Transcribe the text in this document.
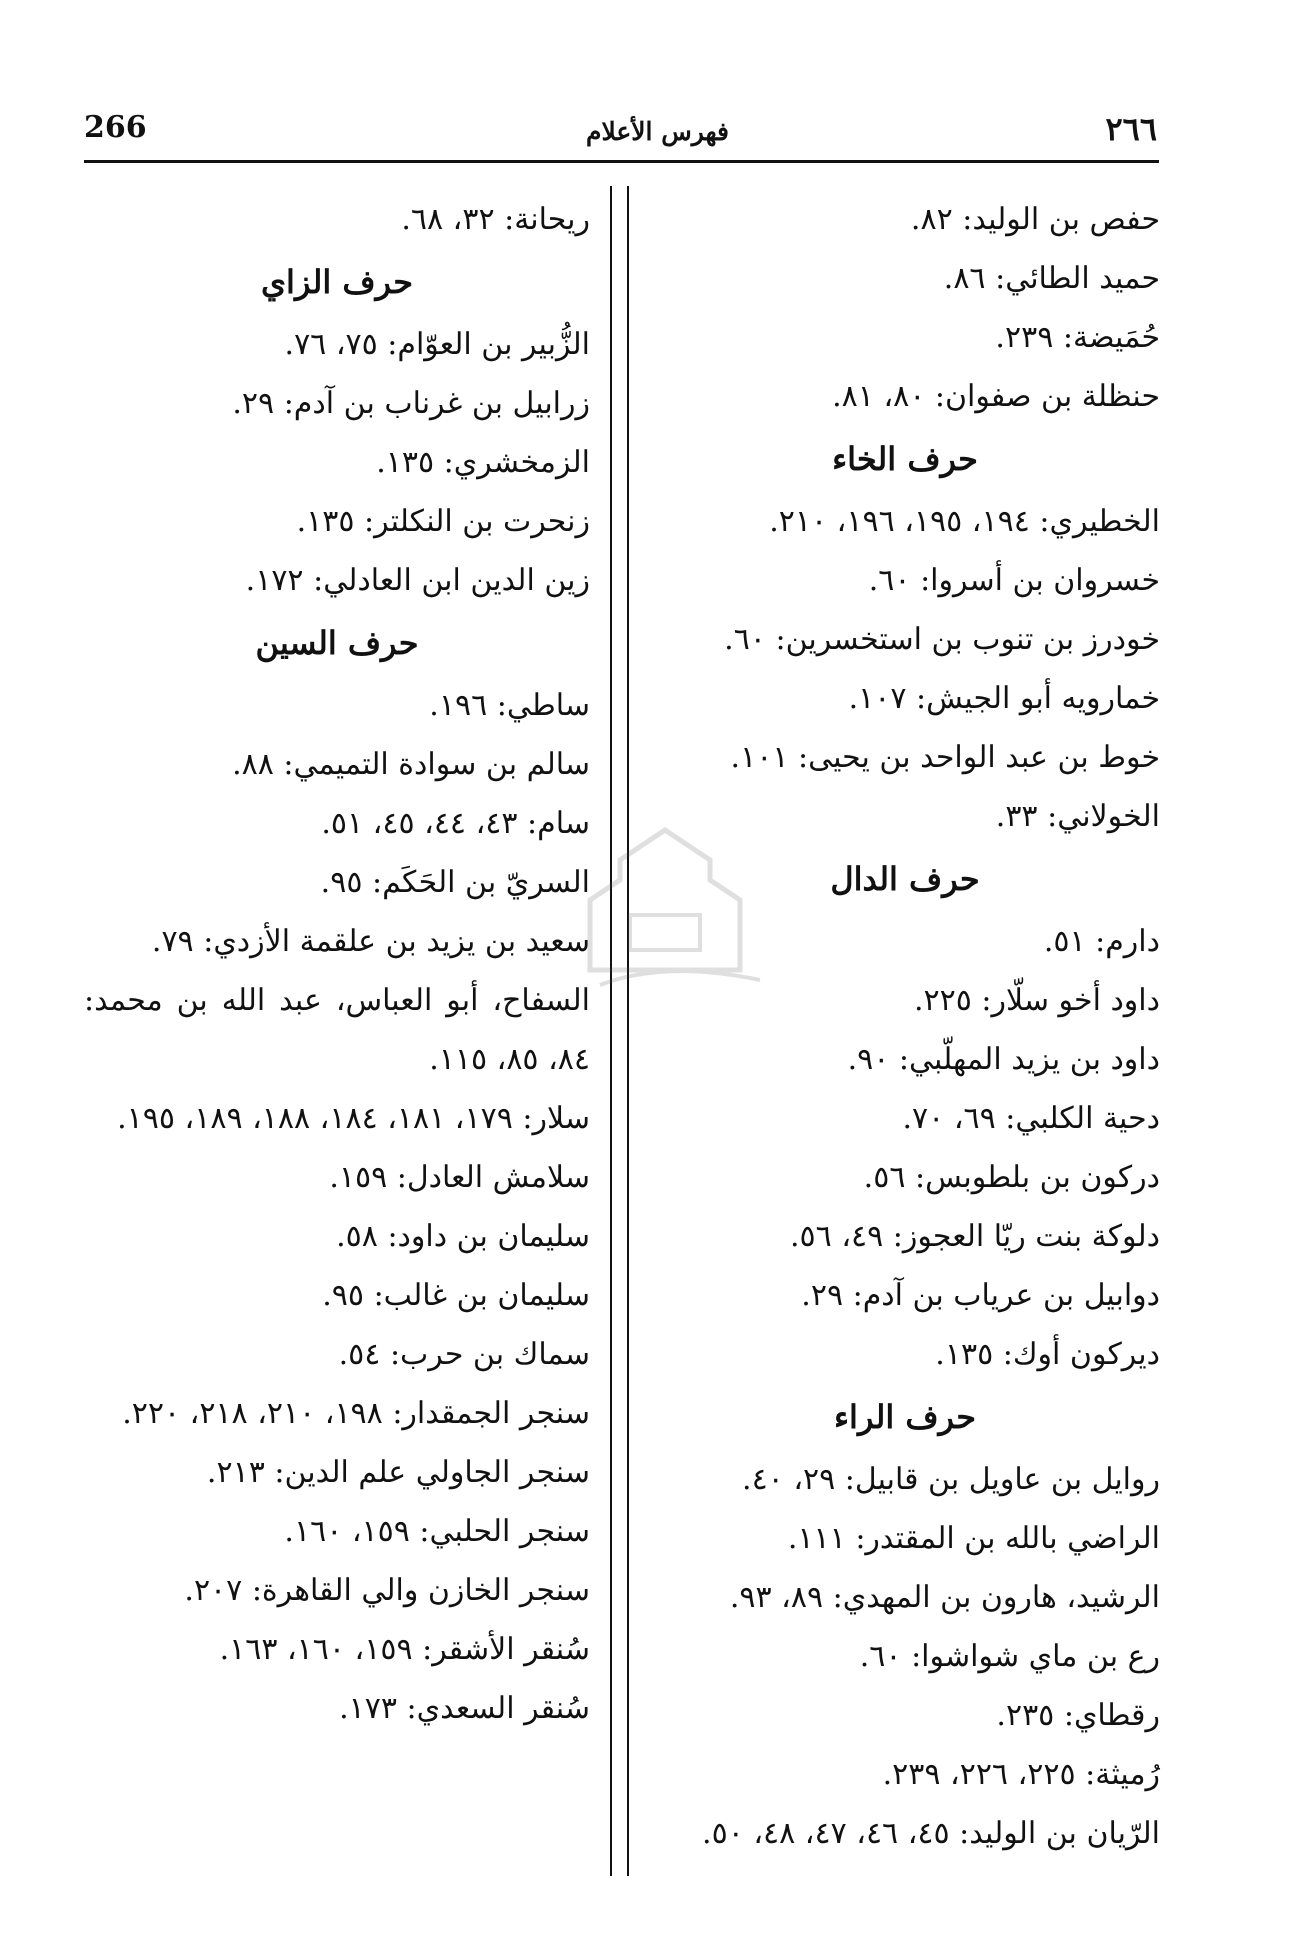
266	فهرس الأعلام	٢٦٦
حفص بن الوليد: ٨٢.
حميد الطائي: ٨٦.
حُمَيضة: ٢٣٩.
حنظلة بن صفوان: ٨٠، ٨١.
حرف الخاء
الخطيري: ١٩٤، ١٩٥، ١٩٦، ٢١٠.
خسروان بن أسروا: ٦٠.
خودرز بن تنوب بن استخسرين: ٦٠.
خمارويه أبو الجيش: ١٠٧.
خوط بن عبد الواحد بن يحيى: ١٠١.
الخولاني: ٣٣.
حرف الدال
دارم: ٥١.
داود أخو سلّار: ٢٢٥.
داود بن يزيد المهلّبي: ٩٠.
دحية الكلبي: ٦٩، ٧٠.
دركون بن بلطوبس: ٥٦.
دلوكة بنت ريّا العجوز: ٤٩، ٥٦.
دوابيل بن عرياب بن آدم: ٢٩.
ديركون أوك: ١٣٥.
حرف الراء
روايل بن عاويل بن قابيل: ٢٩، ٤٠.
الراضي بالله بن المقتدر: ١١١.
الرشيد، هارون بن المهدي: ٨٩، ٩٣.
رع بن ماي شواشوا: ٦٠.
رقطاي: ٢٣٥.
رُميثة: ٢٢٥، ٢٢٦، ٢٣٩.
الرّيان بن الوليد: ٤٥، ٤٦، ٤٧، ٤٨، ٥٠.
ريحانة: ٣٢، ٦٨.
حرف الزاي
الزُّبير بن العوّام: ٧٥، ٧٦.
زرابيل بن غرناب بن آدم: ٢٩.
الزمخشري: ١٣٥.
زنحرت بن النكلتر: ١٣٥.
زين الدين ابن العادلي: ١٧٢.
حرف السين
ساطي: ١٩٦.
سالم بن سوادة التميمي: ٨٨.
سام: ٤٣، ٤٤، ٤٥، ٥١.
السريّ بن الحَكَم: ٩٥.
سعيد بن يزيد بن علقمة الأزدي: ٧٩.
السفاح، أبو العباس، عبد الله بن محمد: ٨٤، ٨٥، ١١٥.
سلار: ١٧٩، ١٨١، ١٨٤، ١٨٨، ١٨٩، ١٩٥.
سلامش العادل: ١٥٩.
سليمان بن داود: ٥٨.
سليمان بن غالب: ٩٥.
سماك بن حرب: ٥٤.
سنجر الجمقدار: ١٩٨، ٢١٠، ٢١٨، ٢٢٠.
سنجر الجاولي علم الدين: ٢١٣.
سنجر الحلبي: ١٥٩، ١٦٠.
سنجر الخازن والي القاهرة: ٢٠٧.
سُنقر الأشقر: ١٥٩، ١٦٠، ١٦٣.
سُنقر السعدي: ١٧٣.
